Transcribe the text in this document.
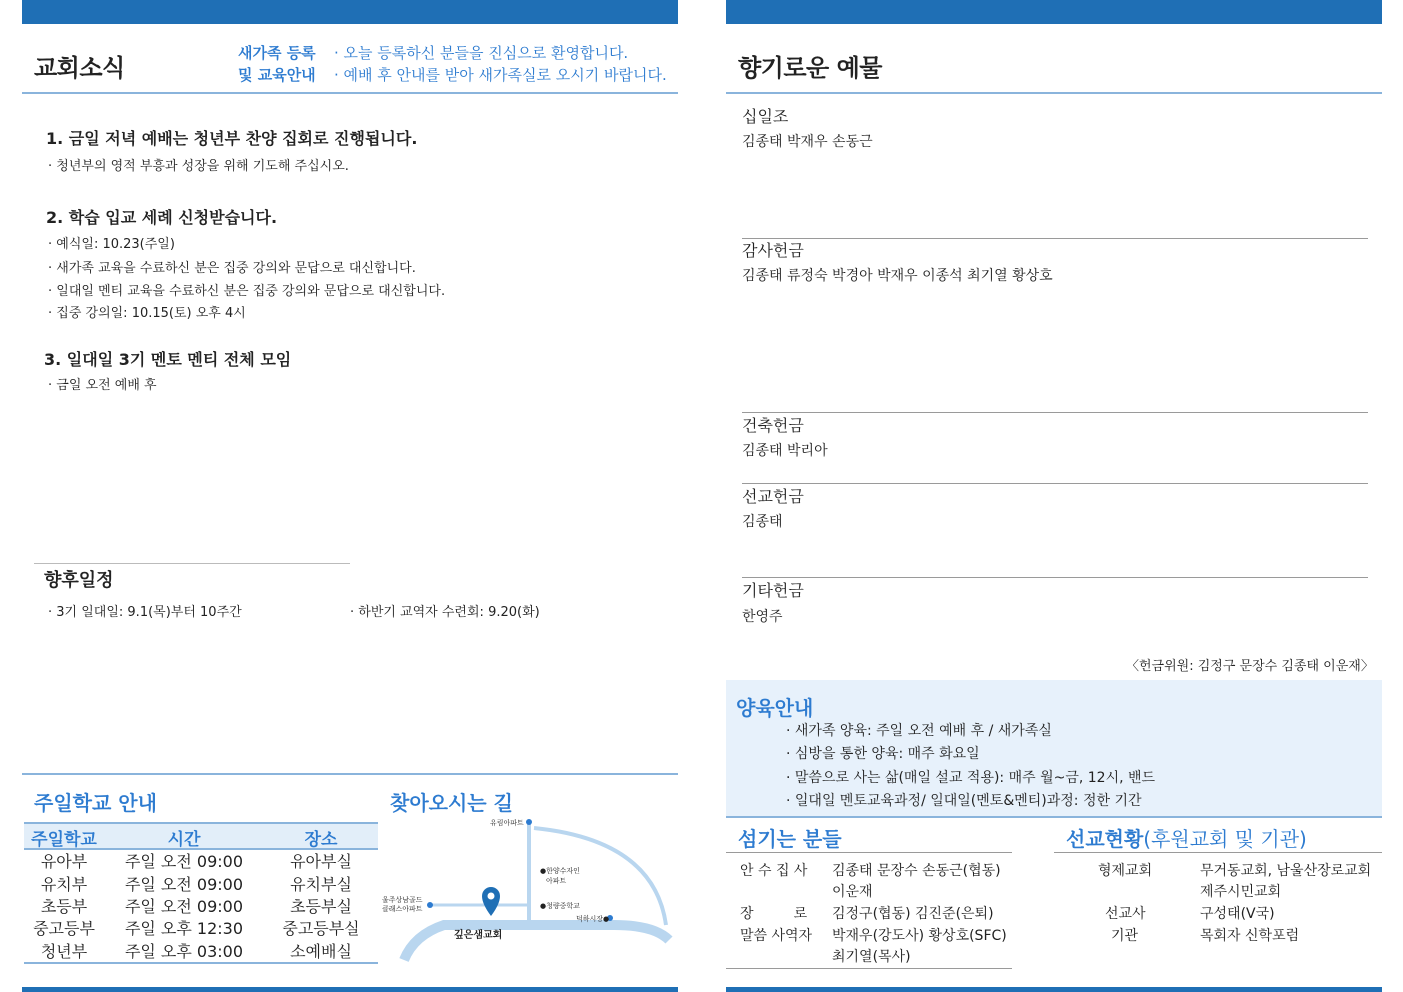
교회소식
새가족 등록
및 교육안내
· 오늘 등록하신 분들을 진심으로 환영합니다.
· 예배 후 안내를 받아 새가족실로 오시기 바랍니다.
1. 금일 저녁 예배는 청년부 찬양 집회로 진행됩니다.
· 청년부의 영적 부흥과 성장을 위해 기도해 주십시오.
2. 학습 입교 세례 신청받습니다.
· 예식일: 10.23(주일)
· 새가족 교육을 수료하신 분은 집중 강의와 문답으로 대신합니다.
· 일대일 멘티 교육을 수료하신 분은 집중 강의와 문답으로 대신합니다.
· 집중 강의일: 10.15(토) 오후 4시
3. 일대일 3기 멘토 멘티 전체 모임
· 금일 오전 예배 후
향후일정
· 3기 일대일: 9.1(목)부터 10주간	· 하반기 교역자 수련회: 9.20(화)
주일학교 안내
주일학교	시간	장소
유아부	주일 오전 09:00	유아부실
유치부	주일 오전 09:00	유치부실
초등부	주일 오전 09:00	초등부실
중고등부	주일 오후 12:30	중고등부실
청년부	주일 오후 03:00	소예배실
찾아오시는 길
유림아파트
●한양수자인
아파트
울주상남골드
클래스아파트	●청량중학교
덕하시장●
깊은샘교회 울산교차로	청량삼거리
향기로운 예물
십일조
김종태 박재우 손동근
감사헌금
김종태 류정숙 박경아 박재우 이종석 최기열 황상호
건축헌금
김종태 박리아
선교헌금
김종태
기타헌금
한영주
〈헌금위원: 김정구 문장수 김종태 이운재〉
양육안내
· 새가족 양육: 주일 오전 예배 후 / 새가족실
· 심방을 통한 양육: 매주 화요일
· 말씀으로 사는 삶(매일 설교 적용): 매주 월~금, 12시, 밴드
· 일대일 멘토교육과정/ 일대일(멘토&멘티)과정: 정한 기간
섬기는 분들
안 수 집 사 김종태 문장수 손동근(협동)
이운재
장         로 김정구(협동) 김진준(은퇴)
말씀 사역자 박재우(강도사) 황상호(SFC)
최기열(목사)
선교현황(후원교회 및 기관)
형제교회	무거동교회, 남울산장로교회
제주시민교회
선교사	구성태(V국)
기관	목회자 신학포럼
